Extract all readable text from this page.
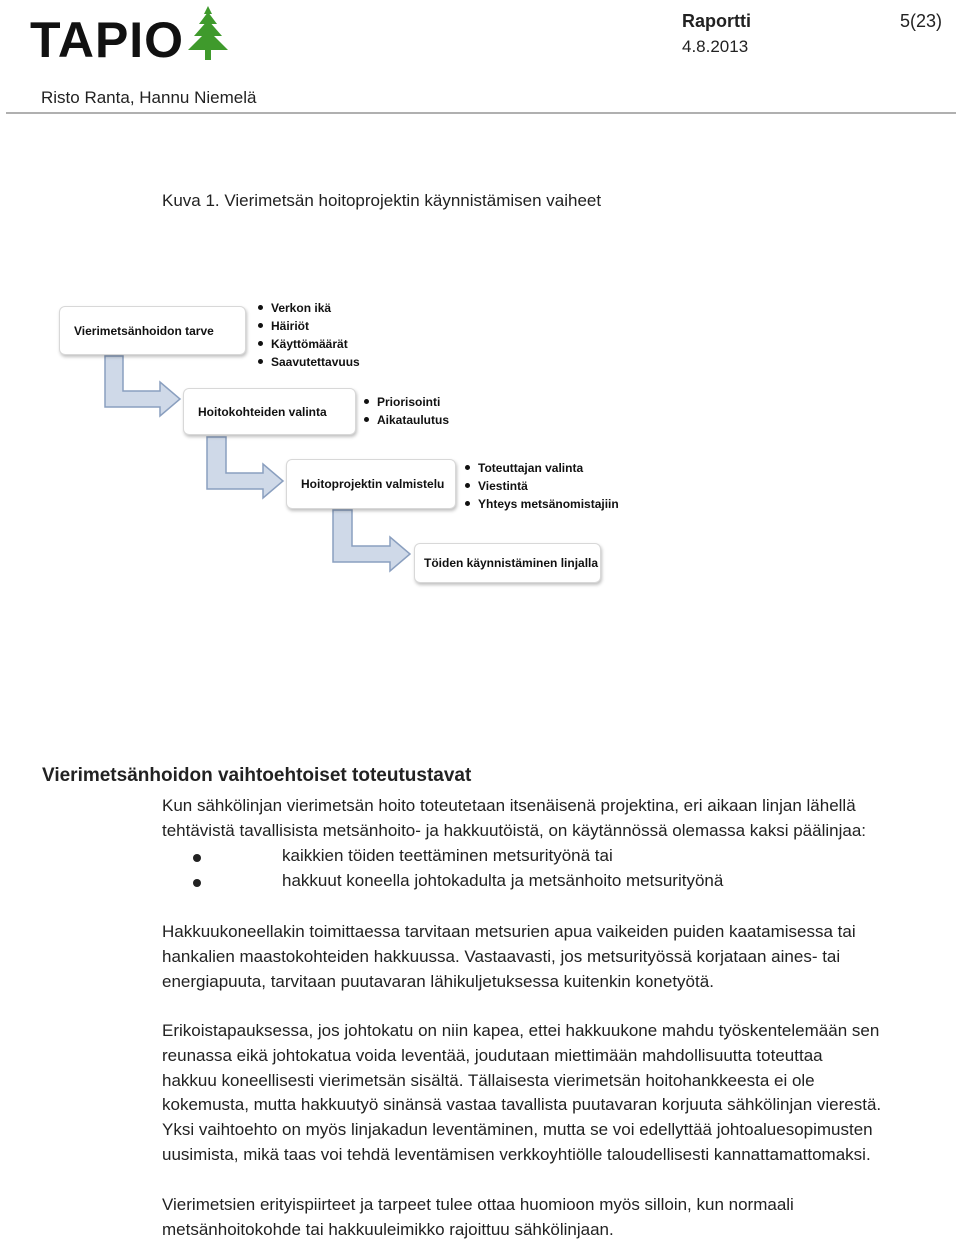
TAPIO	Raportti	5(23)
4.8.2013
Risto Ranta, Hannu Niemelä
Kuva 1. Vierimetsän hoitoprojektin käynnistämisen vaiheet
Vierimetsänhoidon tarve
Verkon ikä
Häiriöt
Käyttömäärät
Saavutettavuus
Hoitokohteiden valinta
Priorisointi
Aikataulutus
Hoitoprojektin valmistelu
Toteuttajan valinta
Viestintä
Yhteys metsänomistajiin
Töiden käynnistäminen linjalla
Vierimetsänhoidon vaihtoehtoiset toteutustavat

Kun sähkölinjan vierimetsän hoito toteutetaan itsenäisenä projektina, eri aikaan linjan lähellä
tehtävistä tavallisista metsänhoito- ja hakkuutöistä, on käytännössä olemassa kaksi päälinjaa:

kaikkien töiden teettäminen metsurityönä tai
hakkuut koneella johtokadulta ja metsänhoito metsurityönä

Hakkuukoneellakin toimittaessa tarvitaan metsurien apua vaikeiden puiden kaatamisessa tai
hankalien maastokohteiden hakkuussa. Vastaavasti, jos metsurityössä korjataan aines- tai
energiapuuta, tarvitaan puutavaran lähikuljetuksessa kuitenkin konetyötä.

Erikoistapauksessa, jos johtokatu on niin kapea, ettei hakkuukone mahdu työskentelemään sen
reunassa eikä johtokatua voida leventää, joudutaan miettimään mahdollisuutta toteuttaa
hakkuu koneellisesti vierimetsän sisältä. Tällaisesta vierimetsän hoitohankkeesta ei ole
kokemusta, mutta hakkuutyö sinänsä vastaa tavallista puutavaran korjuuta sähkölinjan vierestä.
Yksi vaihtoehto on myös linjakadun leventäminen, mutta se voi edellyttää johtoaluesopimusten
uusimista, mikä taas voi tehdä leventämisen verkkoyhtiölle taloudellisesti kannattamattomaksi.

Vierimetsien erityispiirteet ja tarpeet tulee ottaa huomioon myös silloin, kun normaali
metsänhoitokohde tai hakkuuleimikko rajoittuu sähkölinjaan.
